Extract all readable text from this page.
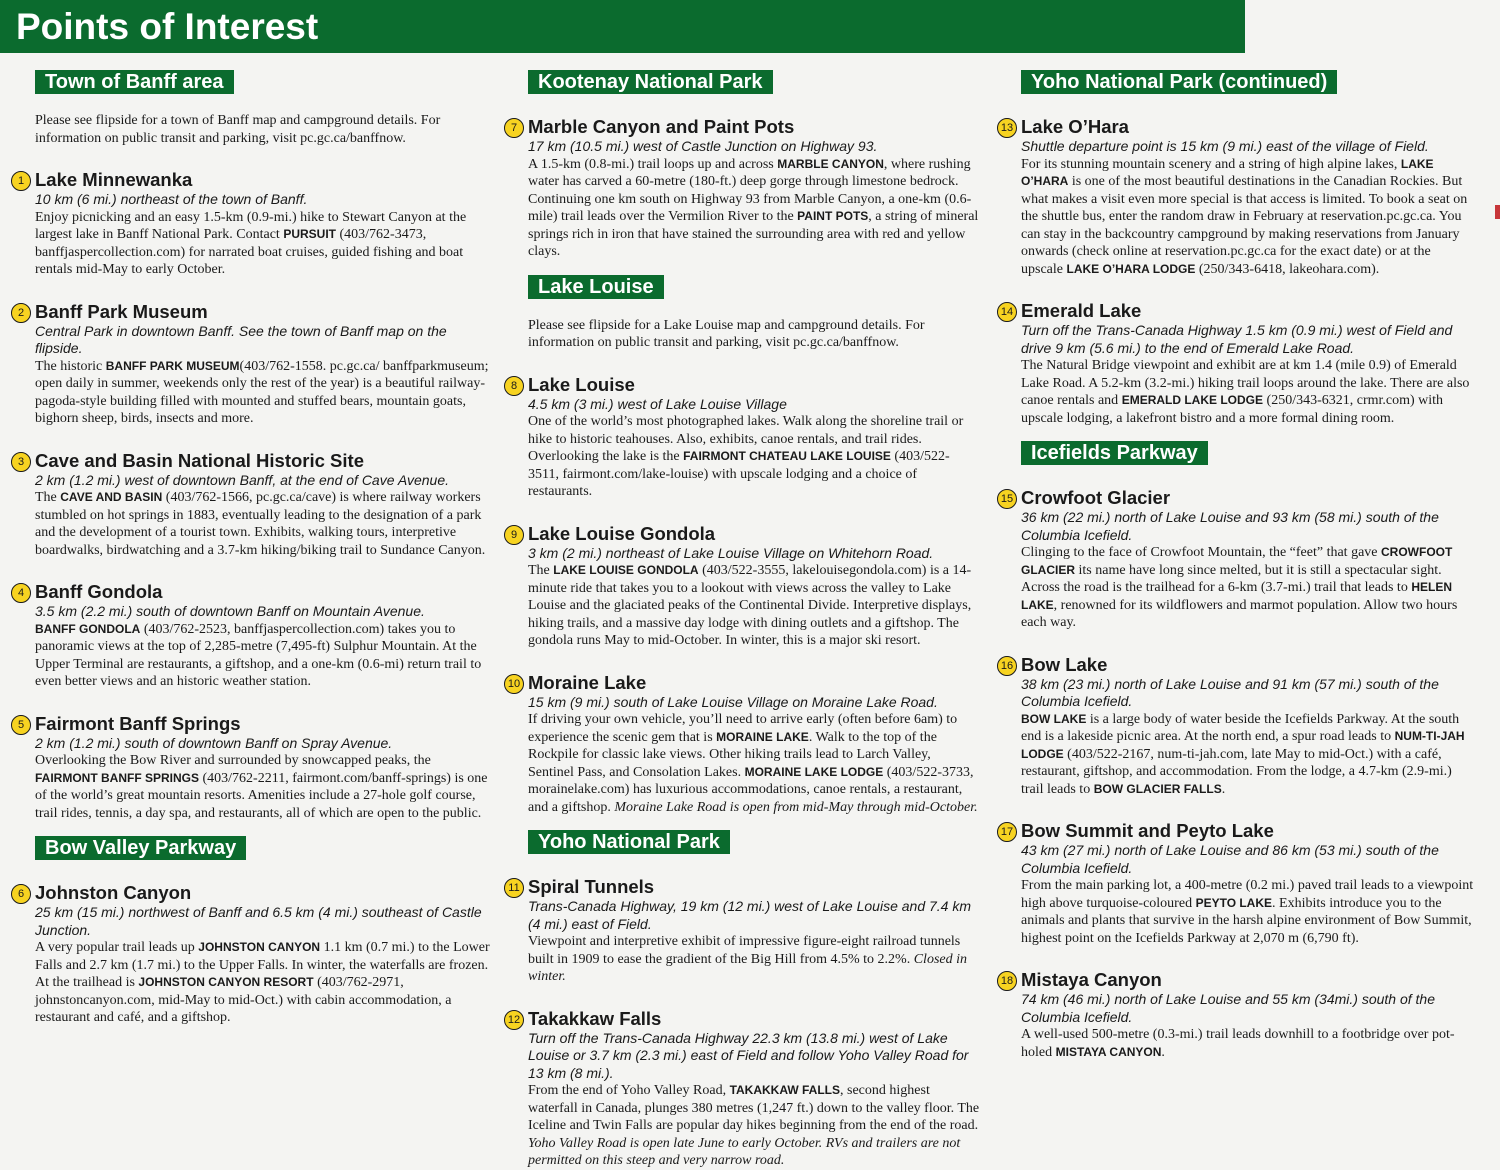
Points of Interest
Town of Banff area
Please see flipside for a town of Banff map and campground details. For information on public transit and parking, visit pc.gc.ca/banffnow.
1 Lake Minnewanka
10 km (6 mi.) northeast of the town of Banff.
Enjoy picnicking and an easy 1.5-km (0.9-mi.) hike to Stewart Canyon at the largest lake in Banff National Park. Contact PURSUIT (403/762-3473, banffjaspercollection.com) for narrated boat cruises, guided fishing and boat rentals mid-May to early October.
2 Banff Park Museum
Central Park in downtown Banff. See the town of Banff map on the flipside.
The historic BANFF PARK MUSEUM(403/762-1558. pc.gc.ca/ banffparkmuseum; open daily in summer, weekends only the rest of the year) is a beautiful railway-pagoda-style building filled with mounted and stuffed bears, mountain goats, bighorn sheep, birds, insects and more.
3 Cave and Basin National Historic Site
2 km (1.2 mi.) west of downtown Banff, at the end of Cave Avenue.
The CAVE AND BASIN (403/762-1566, pc.gc.ca/cave) is where railway workers stumbled on hot springs in 1883, eventually leading to the designation of a park and the development of a tourist town. Exhibits, walking tours, interpretive boardwalks, birdwatching and a 3.7-km hiking/biking trail to Sundance Canyon.
4 Banff Gondola
3.5 km (2.2 mi.) south of downtown Banff on Mountain Avenue.
BANFF GONDOLA (403/762-2523, banffjaspercollection.com) takes you to panoramic views at the top of 2,285-metre (7,495-ft) Sulphur Mountain. At the Upper Terminal are restaurants, a giftshop, and a one-km (0.6-mi) return trail to even better views and an historic weather station.
5 Fairmont Banff Springs
2 km (1.2 mi.) south of downtown Banff on Spray Avenue.
Overlooking the Bow River and surrounded by snowcapped peaks, the FAIRMONT BANFF SPRINGS (403/762-2211, fairmont.com/banff-springs) is one of the world’s great mountain resorts. Amenities include a 27-hole golf course, trail rides, tennis, a day spa, and restaurants, all of which are open to the public.
Bow Valley Parkway
6 Johnston Canyon
25 km (15 mi.) northwest of Banff and 6.5 km (4 mi.) southeast of Castle Junction.
A very popular trail leads up JOHNSTON CANYON 1.1 km (0.7 mi.) to the Lower Falls and 2.7 km (1.7 mi.) to the Upper Falls. In winter, the waterfalls are frozen. At the trailhead is JOHNSTON CANYON RESORT (403/762-2971, johnstoncanyon.com, mid-May to mid-Oct.) with cabin accommodation, a restaurant and café, and a giftshop.
Kootenay National Park
7 Marble Canyon and Paint Pots
17 km (10.5 mi.) west of Castle Junction on Highway 93.
A 1.5-km (0.8-mi.) trail loops up and across MARBLE CANYON, where rushing water has carved a 60-metre (180-ft.) deep gorge through limestone bedrock. Continuing one km south on Highway 93 from Marble Canyon, a one-km (0.6-mile) trail leads over the Vermilion River to the PAINT POTS, a string of mineral springs rich in iron that have stained the surrounding area with red and yellow clays.
Lake Louise
Please see flipside for a Lake Louise map and campground details. For information on public transit and parking, visit pc.gc.ca/banffnow.
8 Lake Louise
4.5 km (3 mi.) west of Lake Louise Village
One of the world’s most photographed lakes. Walk along the shoreline trail or hike to historic teahouses. Also, exhibits, canoe rentals, and trail rides. Overlooking the lake is the FAIRMONT CHATEAU LAKE LOUISE (403/522-3511, fairmont.com/lake-louise) with upscale lodging and a choice of restaurants.
9 Lake Louise Gondola
3 km (2 mi.) northeast of Lake Louise Village on Whitehorn Road.
The LAKE LOUISE GONDOLA (403/522-3555, lakelouisegondola.com) is a 14-minute ride that takes you to a lookout with views across the valley to Lake Louise and the glaciated peaks of the Continental Divide. Interpretive displays, hiking trails, and a massive day lodge with dining outlets and a giftshop. The gondola runs May to mid-October. In winter, this is a major ski resort.
10 Moraine Lake
15 km (9 mi.) south of Lake Louise Village on Moraine Lake Road.
If driving your own vehicle, you’ll need to arrive early (often before 6am) to experience the scenic gem that is MORAINE LAKE. Walk to the top of the Rockpile for classic lake views. Other hiking trails lead to Larch Valley, Sentinel Pass, and Consolation Lakes. MORAINE LAKE LODGE (403/522-3733, morainelake.com) has luxurious accommodations, canoe rentals, a restaurant, and a giftshop. Moraine Lake Road is open from mid-May through mid-October.
Yoho National Park
11 Spiral Tunnels
Trans-Canada Highway, 19 km (12 mi.) west of Lake Louise and 7.4 km (4 mi.) east of Field.
Viewpoint and interpretive exhibit of impressive figure-eight railroad tunnels built in 1909 to ease the gradient of the Big Hill from 4.5% to 2.2%. Closed in winter.
12 Takakkaw Falls
Turn off the Trans-Canada Highway 22.3 km (13.8 mi.) west of Lake Louise or 3.7 km (2.3 mi.) east of Field and follow Yoho Valley Road for 13 km (8 mi.).
From the end of Yoho Valley Road, TAKAKKAW FALLS, second highest waterfall in Canada, plunges 380 metres (1,247 ft.) down to the valley floor. The Iceline and Twin Falls are popular day hikes beginning from the end of the road. Yoho Valley Road is open late June to early October. RVs and trailers are not permitted on this steep and very narrow road.
Yoho National Park (continued)
13 Lake O’Hara
Shuttle departure point is 15 km (9 mi.) east of the village of Field.
For its stunning mountain scenery and a string of high alpine lakes, LAKE O’HARA is one of the most beautiful destinations in the Canadian Rockies. But what makes a visit even more special is that access is limited. To book a seat on the shuttle bus, enter the random draw in February at reservation.pc.gc.ca. You can stay in the backcountry campground by making reservations from January onwards (check online at reservation.pc.gc.ca for the exact date) or at the upscale LAKE O’HARA LODGE (250/343-6418, lakeohara.com).
14 Emerald Lake
Turn off the Trans-Canada Highway 1.5 km (0.9 mi.) west of Field and drive 9 km (5.6 mi.) to the end of Emerald Lake Road.
The Natural Bridge viewpoint and exhibit are at km 1.4 (mile 0.9) of Emerald Lake Road. A 5.2-km (3.2-mi.) hiking trail loops around the lake. There are also canoe rentals and EMERALD LAKE LODGE (250/343-6321, crmr.com) with upscale lodging, a lakefront bistro and a more formal dining room.
Icefields Parkway
15 Crowfoot Glacier
36 km (22 mi.) north of Lake Louise and 93 km (58 mi.) south of the Columbia Icefield.
Clinging to the face of Crowfoot Mountain, the “feet” that gave CROWFOOT GLACIER its name have long since melted, but it is still a spectacular sight. Across the road is the trailhead for a 6-km (3.7-mi.) trail that leads to HELEN LAKE, renowned for its wildflowers and marmot population. Allow two hours each way.
16 Bow Lake
38 km (23 mi.) north of Lake Louise and 91 km (57 mi.) south of the Columbia Icefield.
BOW LAKE is a large body of water beside the Icefields Parkway. At the south end is a lakeside picnic area. At the north end, a spur road leads to NUM-TI-JAH LODGE (403/522-2167, num-ti-jah.com, late May to mid-Oct.) with a café, restaurant, giftshop, and accommodation. From the lodge, a 4.7-km (2.9-mi.) trail leads to BOW GLACIER FALLS.
17 Bow Summit and Peyto Lake
43 km (27 mi.) north of Lake Louise and 86 km (53 mi.) south of the Columbia Icefield.
From the main parking lot, a 400-metre (0.2 mi.) paved trail leads to a viewpoint high above turquoise-coloured PEYTO LAKE. Exhibits introduce you to the animals and plants that survive in the harsh alpine environment of Bow Summit, highest point on the Icefields Parkway at 2,070 m (6,790 ft).
18 Mistaya Canyon
74 km (46 mi.) north of Lake Louise and 55 km (34mi.) south of the Columbia Icefield.
A well-used 500-metre (0.3-mi.) trail leads downhill to a footbridge over pot-holed MISTAYA CANYON.
